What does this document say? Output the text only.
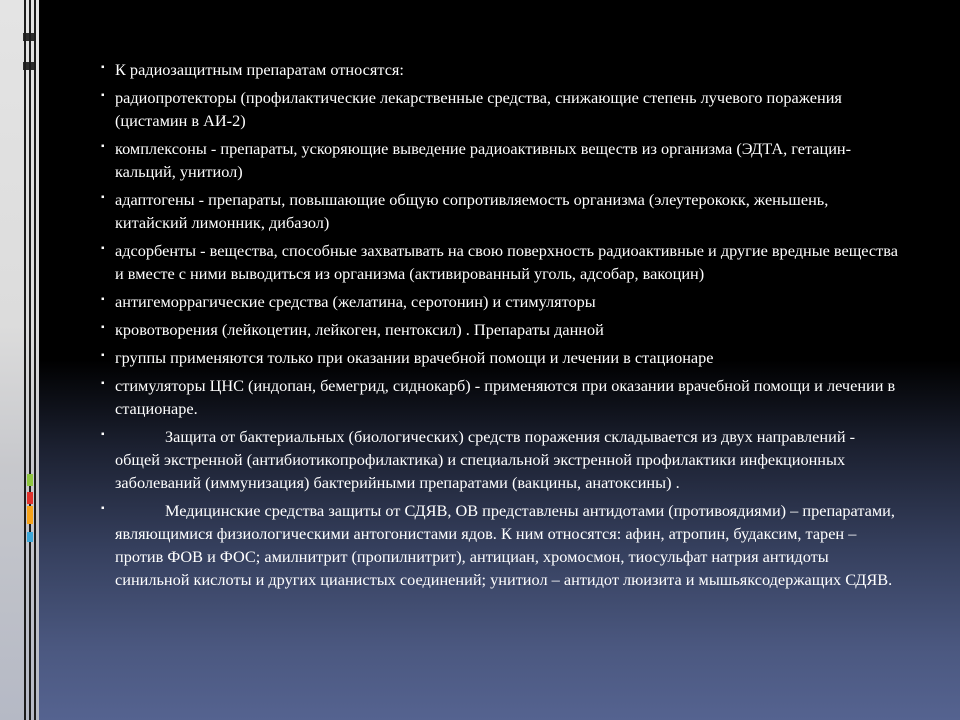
▪ К радиозащитным препаратам относятся:
▪ радиопротекторы (профилактические лекарственные средства, снижающие степень лучевого поражения (цистамин в АИ-2)
▪ комплексоны - препараты, ускоряющие выведение радиоактивных веществ из организма (ЭДТА, гетацин-кальций, унитиол)
▪ адаптогены - препараты, повышающие общую сопротивляемость организма (элеутерококк, женьшень, китайский лимонник, дибазол)
▪ адсорбенты - вещества, способные захватывать на свою поверхность радиоактивные и другие вредные вещества и вместе с ними выводиться из организма (активированный уголь, адсобар, вакоцин)
▪ антигеморрагические средства (желатина, серотонин) и стимуляторы
▪ кровотворения (лейкоцетин, лейкоген, пентоксил) . Препараты данной
▪ группы применяются только при оказании врачебной помощи и лечении в стационаре
▪ стимуляторы ЦНС (индопан, бемегрид, сиднокарб) - применяются при оказании врачебной помощи и лечении в стационаре.
▪	Защита от бактериальных (биологических) средств поражения складывается из двух направлений - общей экстренной (антибиотикопрофилактика) и специальной экстренной профилактики инфекционных заболеваний (иммунизация) бактерийными препаратами (вакцины, анатоксины) .
▪	Медицинские средства защиты от СДЯВ, ОВ представлены антидотами (противоядиями) – препаратами, являющимися физиологическими антогонистами ядов. К ним относятся: афин, атропин, будаксим, тарен – против ФОВ и ФОС; амилнитрит (пропилнитрит), антициан, хромосмон, тиосульфат натрия антидоты синильной кислоты и других цианистых соединений; унитиол – антидот люизита и мышьяксодержащих СДЯВ.
